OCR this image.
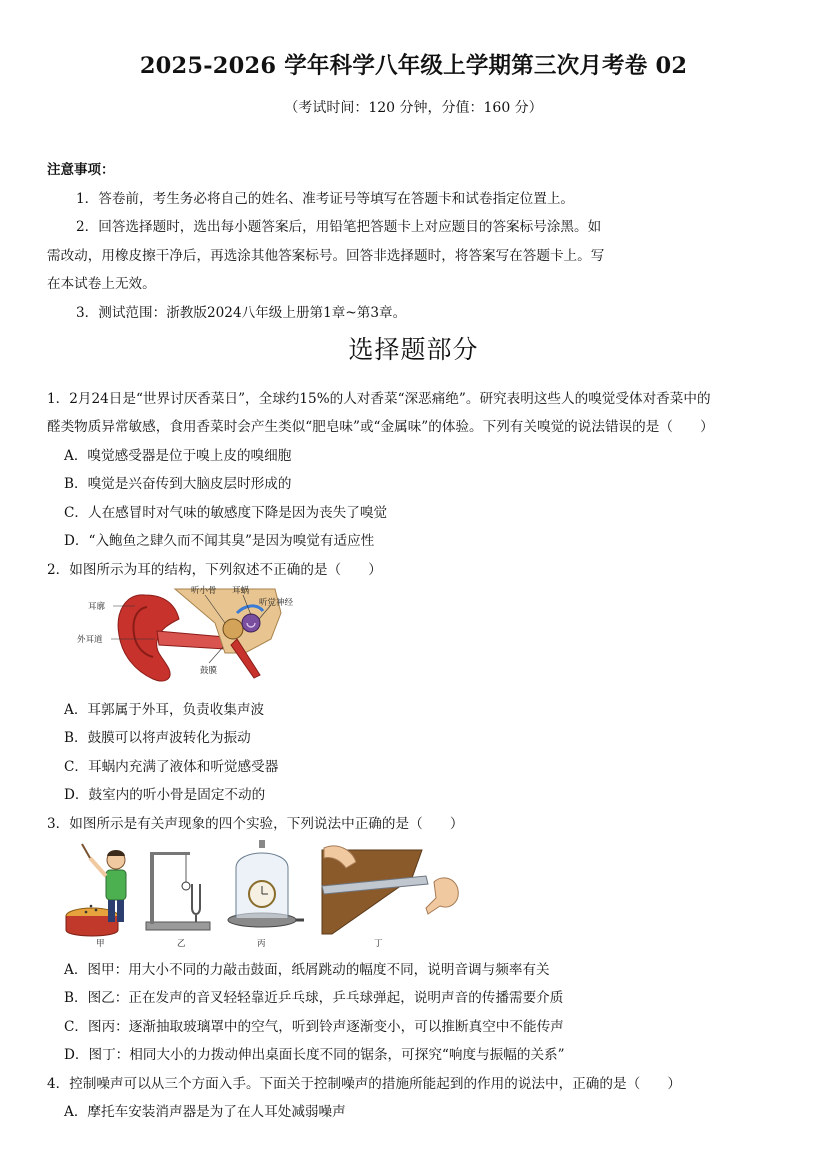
2025-2026 学年科学八年级上学期第三次月考卷 02
（考试时间：120 分钟，分值：160 分）
注意事项：
1．答卷前，考生务必将自己的姓名、准考证号等填写在答题卡和试卷指定位置上。
2．回答选择题时，选出每小题答案后，用铅笔把答题卡上对应题目的答案标号涂黑。如
需改动，用橡皮擦干净后，再选涂其他答案标号。回答非选择题时，将答案写在答题卡上。写
在本试卷上无效。
3．测试范围：浙教版2024八年级上册第1章~第3章。
选择题部分
1．2月24日是“世界讨厌香菜日”，全球约15%的人对香菜“深恶痛绝”。研究表明这些人的嗅觉受体对香菜中的
醛类物质异常敏感，食用香菜时会产生类似“肥皂味”或“金属味”的体验。下列有关嗅觉的说法错误的是（　　）
A．嗅觉感受器是位于嗅上皮的嗅细胞
B．嗅觉是兴奋传到大脑皮层时形成的
C．人在感冒时对气味的敏感度下降是因为丧失了嗅觉
D．“入鲍鱼之肆久而不闻其臭”是因为嗅觉有适应性
2．如图所示为耳的结构，下列叙述不正确的是（　　）
耳廓
听小骨 耳蜗
听觉神经
外耳道
鼓膜
A．耳郭属于外耳，负责收集声波
B．鼓膜可以将声波转化为振动
C．耳蜗内充满了液体和听觉感受器
D．鼓室内的听小骨是固定不动的
3．如图所示是有关声现象的四个实验，下列说法中正确的是（　　）
甲	乙	丙	丁
A．图甲：用大小不同的力敲击鼓面，纸屑跳动的幅度不同，说明音调与频率有关
B．图乙：正在发声的音叉轻轻靠近乒乓球，乒乓球弹起，说明声音的传播需要介质
C．图丙：逐渐抽取玻璃罩中的空气，听到铃声逐渐变小，可以推断真空中不能传声
D．图丁：相同大小的力拨动伸出桌面长度不同的锯条，可探究“响度与振幅的关系”
4．控制噪声可以从三个方面入手。下面关于控制噪声的措施所能起到的作用的说法中，正确的是（　　）
A．摩托车安装消声器是为了在人耳处减弱噪声
